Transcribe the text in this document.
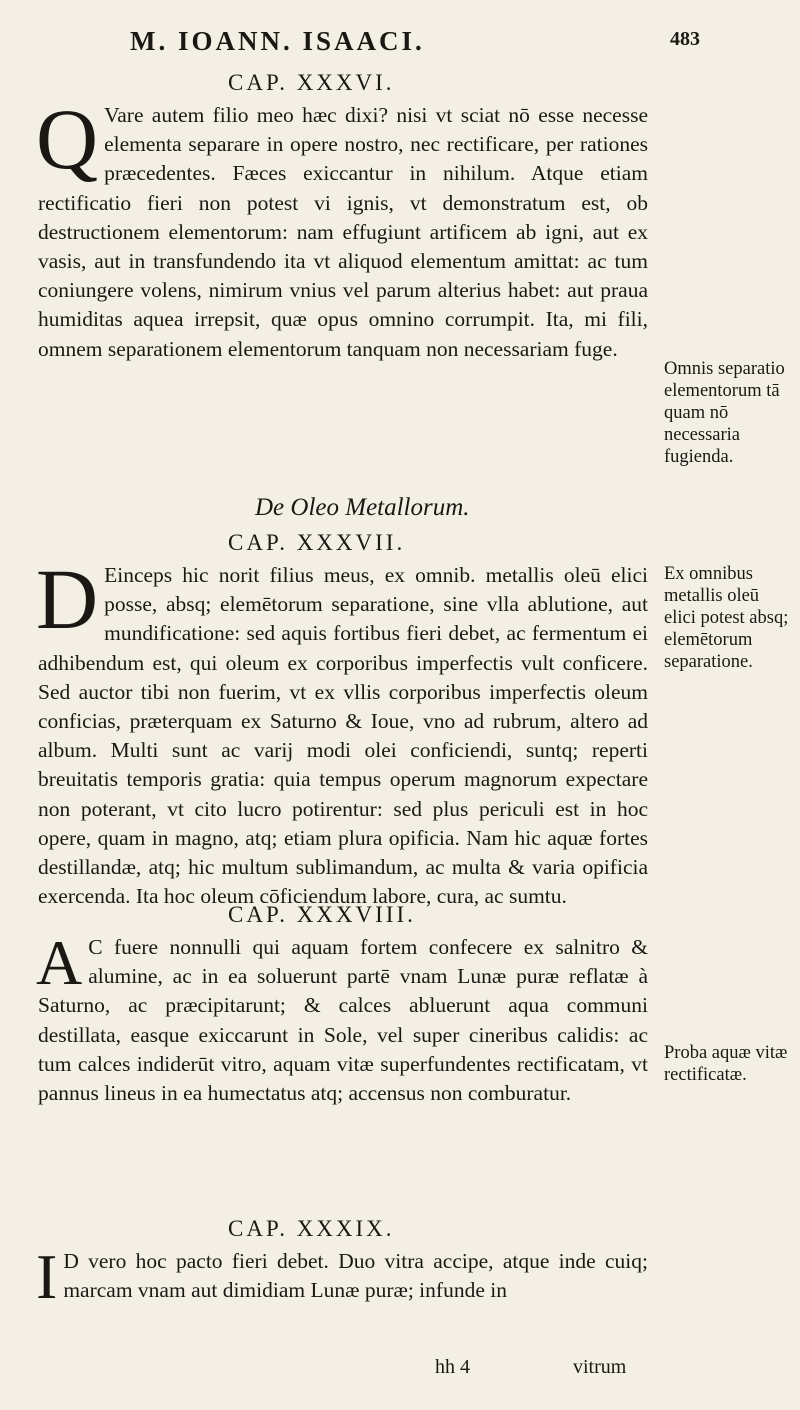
M. IOANN. ISAACI.	483
CAP. XXXVI.
Q Vare autem filio meo hæc dixi? nisi vt sciat nō esse necesse elementa separare in opere nostro, nec rectificare, per rationes præcedentes. Fæces exiccantur in nihilum. Atque etiam rectificatio fieri non potest vi ignis, vt demonstratum est, ob destructionem elementorum: nam effugiunt artificem ab igni, aut ex vasis, aut in transfundendo ita vt aliquod elementum amittat: ac tum coniungere volens, nimirum vnius vel parum alterius habet: aut praua humiditas aquea irrepsit, quæ opus omnino corrumpit. Ita, mi fili, omnem separationem elementorum tanquam non necessariam fuge.
Omnis separatio elementorum tā quam nō necessaria fugienda.
De Oleo Metallorum.
CAP. XXXVII.
D Einceps hic norit filius meus, ex omnib. metallis oleū elici posse, absq; elemētorum separatione, sine vlla ablutione, aut mundificatione: sed aquis fortibus fieri debet, ac fermentum ei adhibendum est, qui oleum ex corporibus imperfectis vult conficere. Sed auctor tibi non fuerim, vt ex vllis corporibus imperfectis oleum conficias, præterquam ex Saturno & Ioue, vno ad rubrum, altero ad album. Multi sunt ac varij modi olei conficiendi, suntq; reperti breuitatis temporis gratia: quia tempus operum magnorum expectare non poterant, vt cito lucro potirentur: sed plus periculi est in hoc opere, quam in magno, atq; etiam plura opificia. Nam hic aquæ fortes destillandæ, atq; hic multum sublimandum, ac multa & varia opificia exercenda. Ita hoc oleum cōficiendum labore, cura, ac sumtu.
Ex omnibus metallis oleū elici potest absq; elemētorum separatione.
CAP. XXXVIII.
A C fuere nonnulli qui aquam fortem confecere ex salnitro & alumine, ac in ea soluerunt partē vnam Lunæ puræ reflatæ à Saturno, ac præcipitarunt; & calces abluerunt aqua communi destillata, easque exiccarunt in Sole, vel super cineribus calidis: ac tum calces indiderūt vitro, aquam vitæ superfundentes rectificatam, vt pannus lineus in ea humectatus atq; accensus non comburatur.
Proba aquæ vitæ rectificatæ.
CAP. XXXIX.
I D vero hoc pacto fieri debet. Duo vitra accipe, atque inde cuiq; marcam vnam aut dimidiam Lunæ puræ; infunde in
hh 4	vitrum
